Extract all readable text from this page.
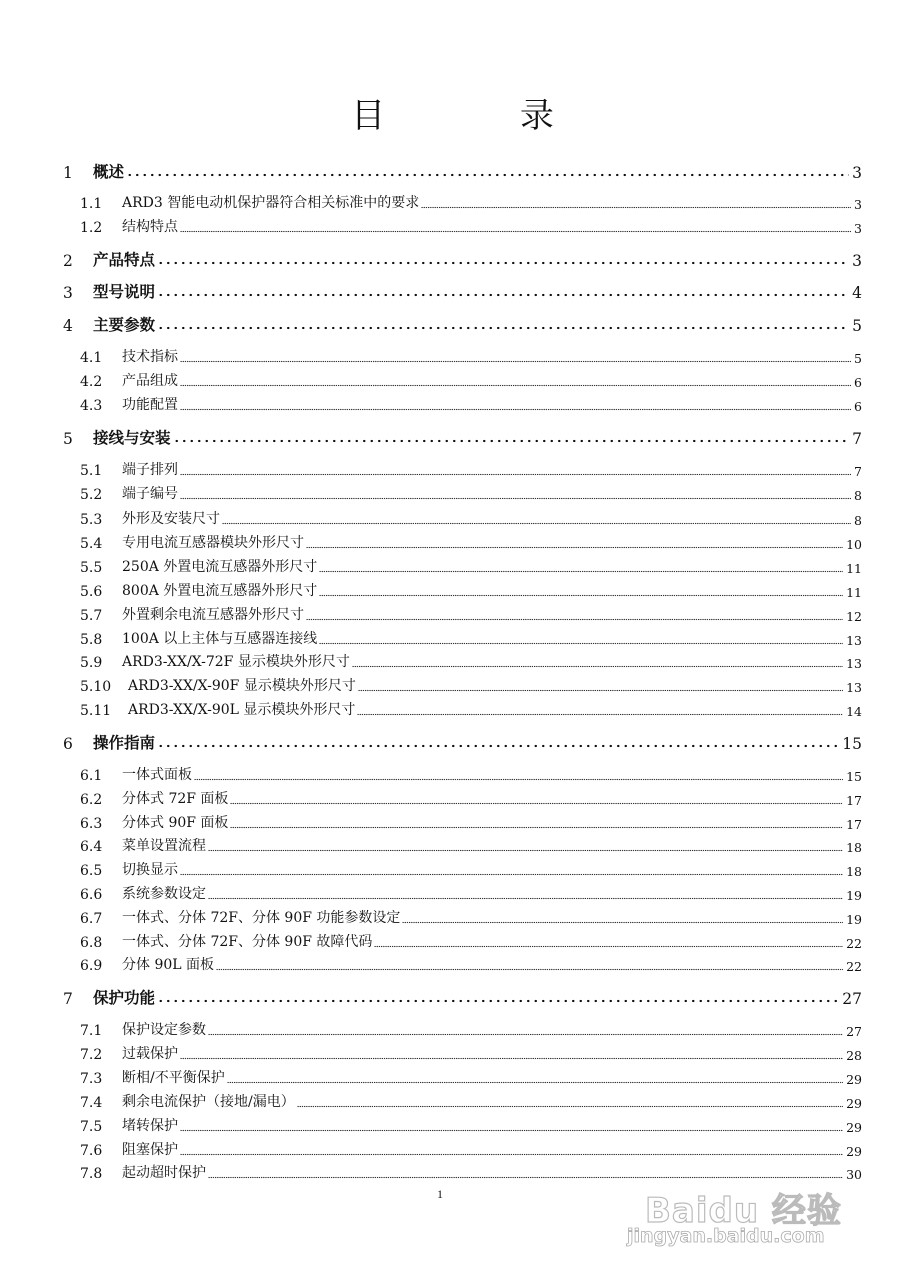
目 录
1	概述	3
1.1	ARD3 智能电动机保护器符合相关标准中的要求	3
1.2	结构特点	3
2	产品特点	3
3	型号说明	4
4	主要参数	5
4.1	技术指标	5
4.2	产品组成	6
4.3	功能配置	6
5	接线与安装	7
5.1	端子排列	7
5.2	端子编号	8
5.3	外形及安装尺寸	8
5.4	专用电流互感器模块外形尺寸	10
5.5	250A 外置电流互感器外形尺寸	11
5.6	800A 外置电流互感器外形尺寸	11
5.7	外置剩余电流互感器外形尺寸	12
5.8	100A 以上主体与互感器连接线	13
5.9	ARD3-XX/X-72F 显示模块外形尺寸	13
5.10	ARD3-XX/X-90F 显示模块外形尺寸	13
5.11	ARD3-XX/X-90L 显示模块外形尺寸	14
6	操作指南	15
6.1	一体式面板	15
6.2	分体式 72F 面板	17
6.3	分体式 90F 面板	17
6.4	菜单设置流程	18
6.5	切换显示	18
6.6	系统参数设定	19
6.7	一体式、分体 72F、分体 90F 功能参数设定	19
6.8	一体式、分体 72F、分体 90F 故障代码	22
6.9	分体 90L 面板	22
7	保护功能	27
7.1	保护设定参数	27
7.2	过载保护	28
7.3	断相/不平衡保护	29
7.4	剩余电流保护（接地/漏电）	29
7.5	堵转保护	29
7.6	阻塞保护	29
7.8	起动超时保护	30
1	Baidu 经验
jingyan.baidu.com
